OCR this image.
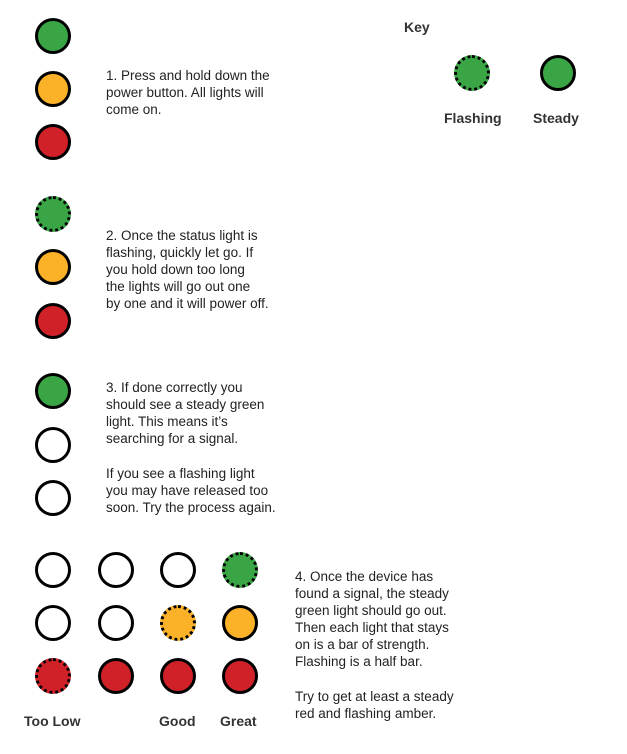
Key
Flashing Steady
1. Press and hold down the
power button. All lights will
come on.
2. Once the status light is
flashing, quickly let go. If
you hold down too long
the lights will go out one
by one and it will power off.
3. If done correctly you
should see a steady green
light. This means it’s
searching for a signal.
If you see a flashing light
you may have released too
soon. Try the process again.
Too Low	Good Great
4. Once the device has
found a signal, the steady
green light should go out.
Then each light that stays
on is a bar of strength.
Flashing is a half bar.
Try to get at least a steady
red and flashing amber.
